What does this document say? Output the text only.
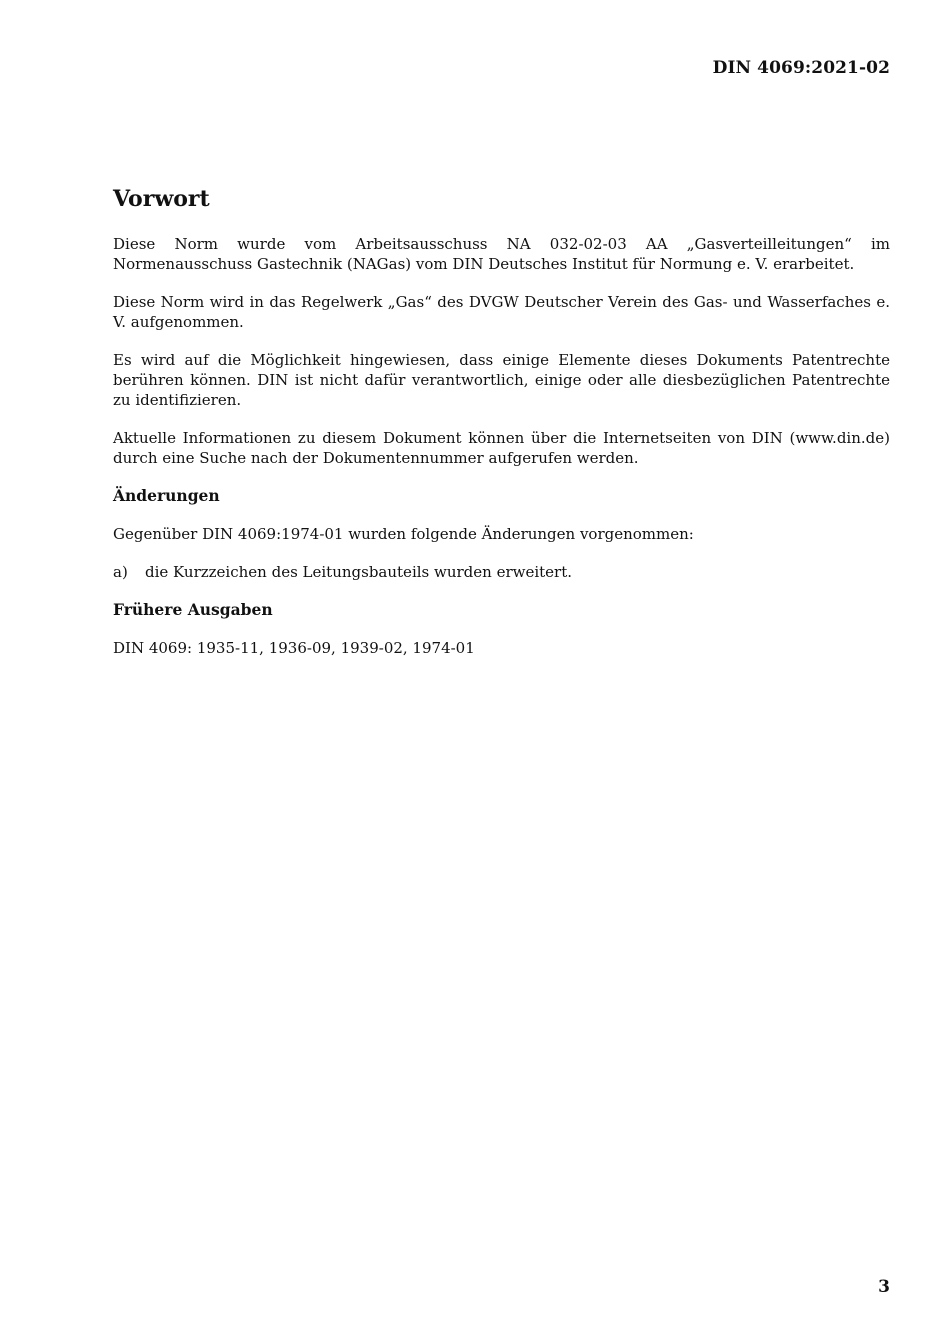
DIN 4069:2021-02
Vorwort

Diese Norm wurde vom Arbeitsausschuss NA 032-02-03 AA „Gasverteilleitungen“ im Normenausschuss Gastechnik (NAGas) vom DIN Deutsches Institut für Normung e. V. erarbeitet.

Diese Norm wird in das Regelwerk „Gas“ des DVGW Deutscher Verein des Gas- und Wasserfaches e. V. aufgenommen.

Es wird auf die Möglichkeit hingewiesen, dass einige Elemente dieses Dokuments Patentrechte berühren können. DIN ist nicht dafür verantwortlich, einige oder alle diesbezüglichen Patentrechte zu identifizieren.

Aktuelle Informationen zu diesem Dokument können über die Internetseiten von DIN (www.din.de) durch eine Suche nach der Dokumentennummer aufgerufen werden.

Änderungen

Gegenüber DIN 4069:1974-01 wurden folgende Änderungen vorgenommen:

a)	die Kurzzeichen des Leitungsbauteils wurden erweitert.
Frühere Ausgaben

DIN 4069: 1935-11, 1936-09, 1939-02, 1974-01

3
